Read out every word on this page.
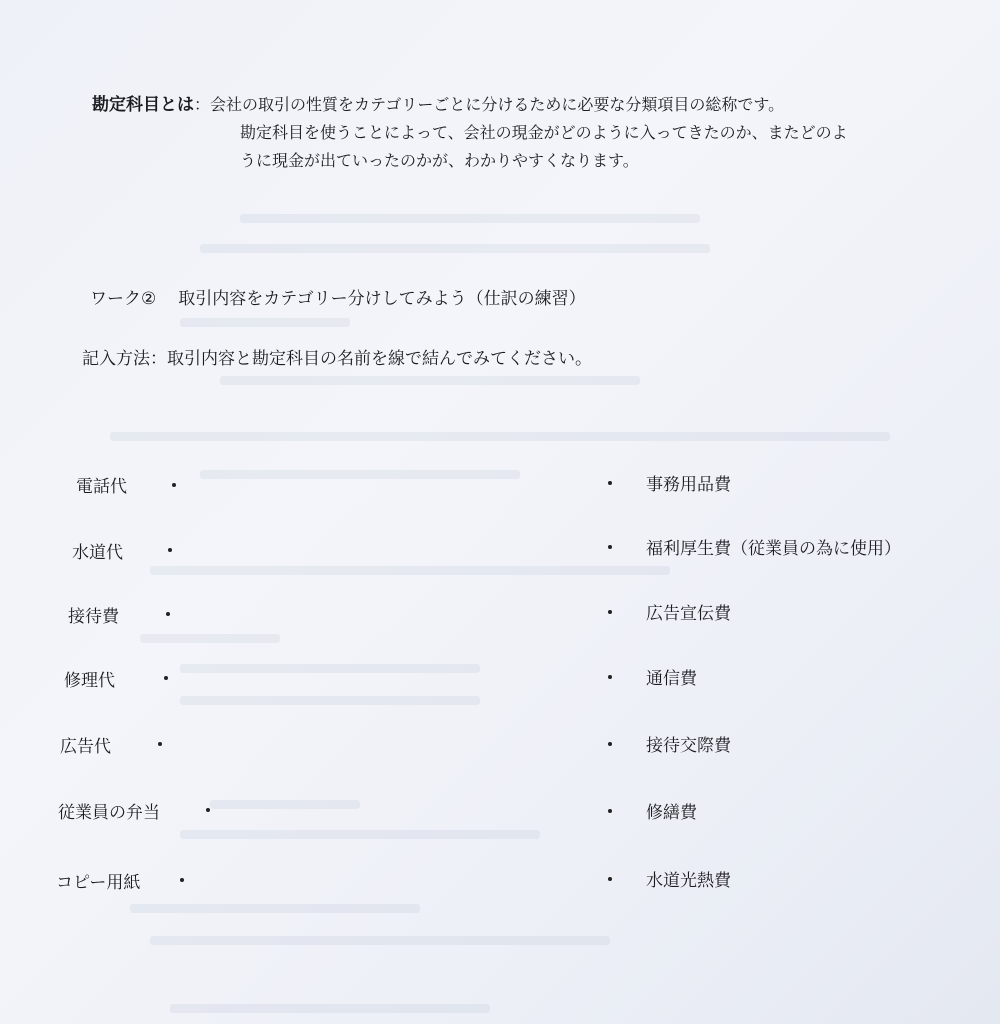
勘定科目とは：会社の取引の性質をカテゴリーごとに分けるために必要な分類項目の総称です。
勘定科目を使うことによって、会社の現金がどのように入ってきたのか、またどのよ
うに現金が出ていったのかが、わかりやすくなります。
ワーク② 取引内容をカテゴリー分けしてみよう（仕訳の練習）
記入方法：取引内容と勘定科目の名前を線で結んでみてください。
電話代
水道代
接待費
修理代
広告代
従業員の弁当
コピー用紙
事務用品費
福利厚生費（従業員の為に使用）
広告宣伝費
通信費
接待交際費
修繕費
水道光熱費
